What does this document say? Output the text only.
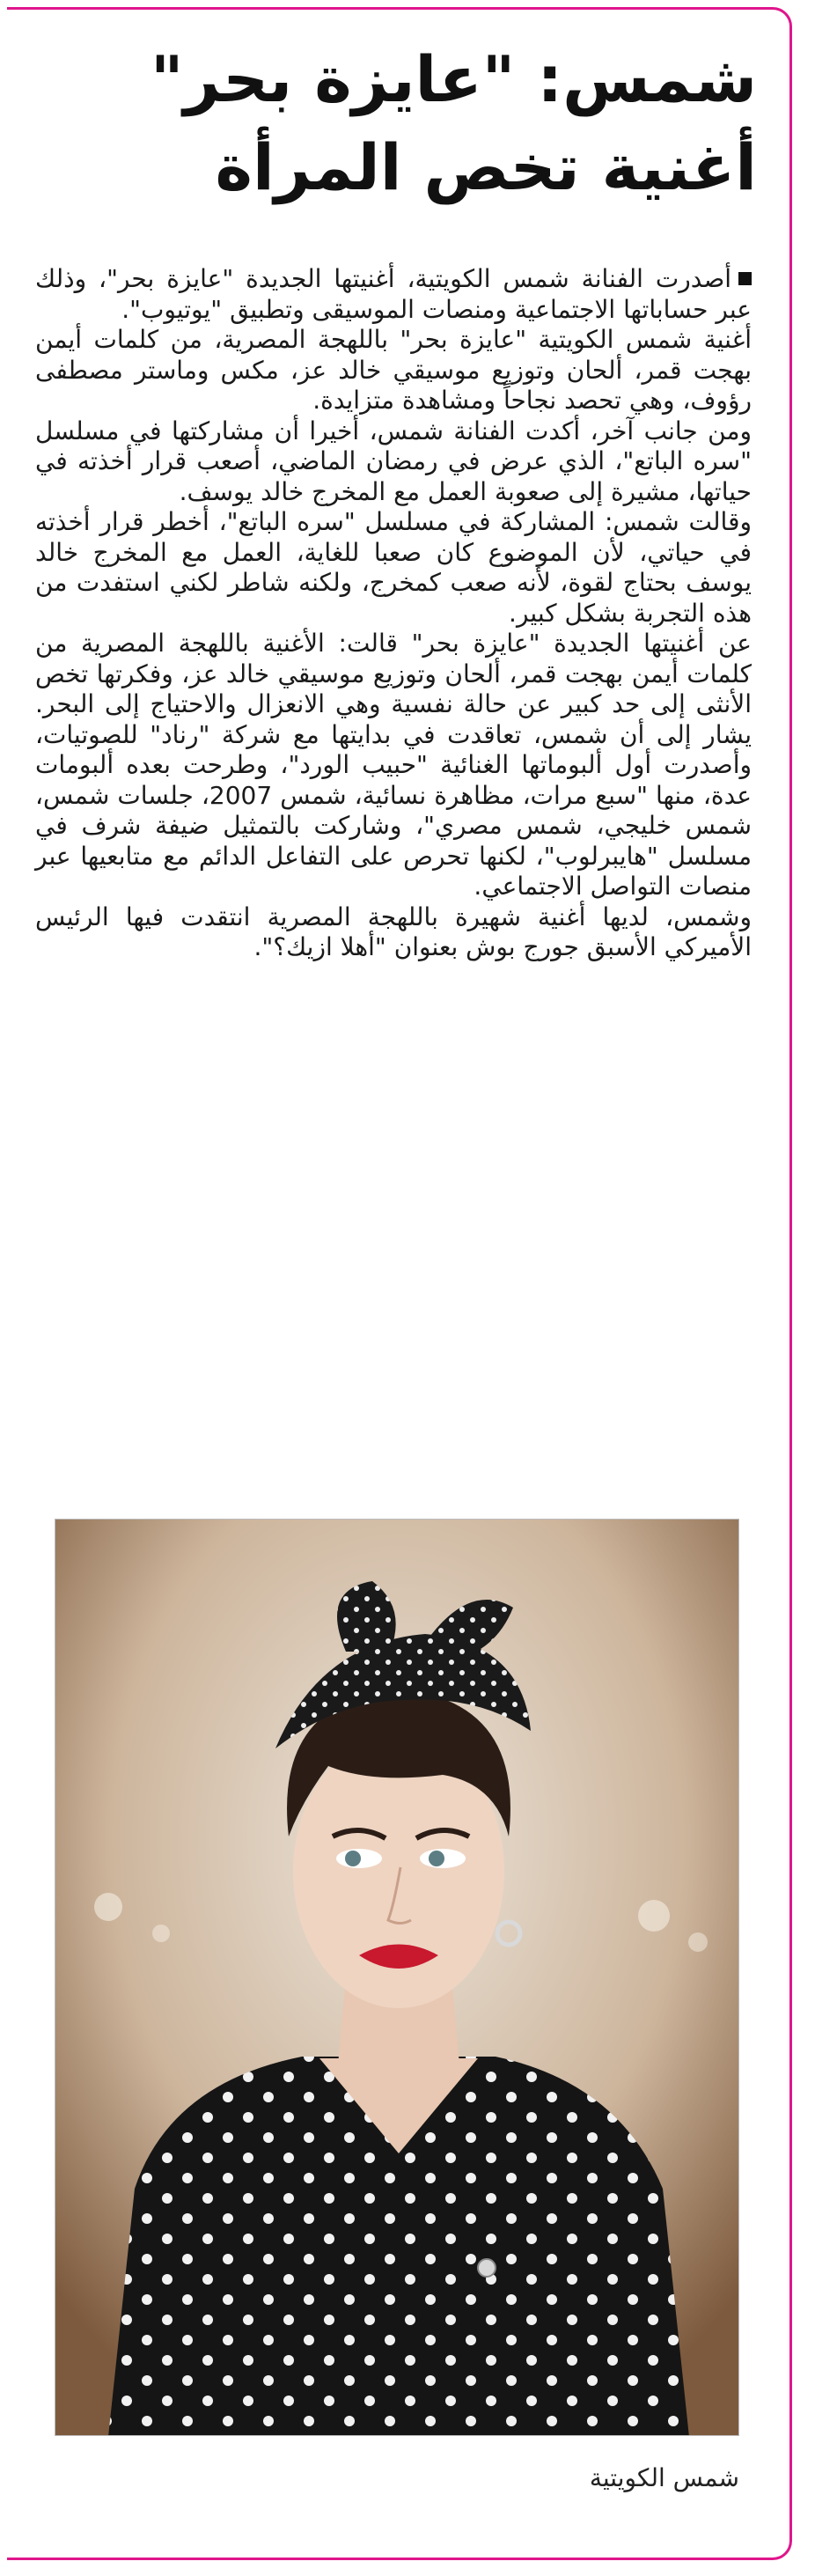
شمس: "عايزة بحر"
أغنية تخص المرأة

أصدرت الفنانة شمس الكويتية، أغنيتها الجديدة "عايزة بحر"، وذلك عبر حساباتها الاجتماعية ومنصات الموسيقى وتطبيق "يوتيوب".

أغنية شمس الكويتية "عايزة بحر" باللهجة المصرية، من كلمات أيمن بهجت قمر، ألحان وتوزيع موسيقي خالد عز، مكس وماستر مصطفى رؤوف، وهي تحصد نجاحاً ومشاهدة متزايدة.

ومن جانب آخر، أكدت الفنانة شمس، أخيرا أن مشاركتها في مسلسل "سره الباتع"، الذي عرض في رمضان الماضي، أصعب قرار أخذته في حياتها، مشيرة إلى صعوبة العمل مع المخرج خالد يوسف.

وقالت شمس: المشاركة في مسلسل "سره الباتع"، أخطر قرار أخذته في حياتي، لأن الموضوع كان صعبا للغاية، العمل مع المخرج خالد يوسف بحتاج لقوة، لأنه صعب كمخرج، ولكنه شاطر لكني استفدت من هذه التجربة بشكل كبير.

عن أغنيتها الجديدة "عايزة بحر" قالت: الأغنية باللهجة المصرية من كلمات أيمن بهجت قمر، ألحان وتوزيع موسيقي خالد عز، وفكرتها تخص الأنثى إلى حد كبير عن حالة نفسية وهي الانعزال والاحتياج إلى البحر. يشار إلى أن شمس، تعاقدت في بدايتها مع شركة "رناد" للصوتيات، وأصدرت أول ألبوماتها الغنائية "حبيب الورد"، وطرحت بعده ألبومات عدة، منها "سبع مرات، مظاهرة نسائية، شمس 2007، جلسات شمس، شمس خليجي، شمس مصري"، وشاركت بالتمثيل ضيفة شرف في مسلسل "هايبرلوب"، لكنها تحرص على التفاعل الدائم مع متابعيها عبر منصات التواصل الاجتماعي.

وشمس، لديها أغنية شهيرة باللهجة المصرية انتقدت فيها الرئيس الأميركي الأسبق جورج بوش بعنوان "أهلا ازيك؟".

شمس الكويتية
